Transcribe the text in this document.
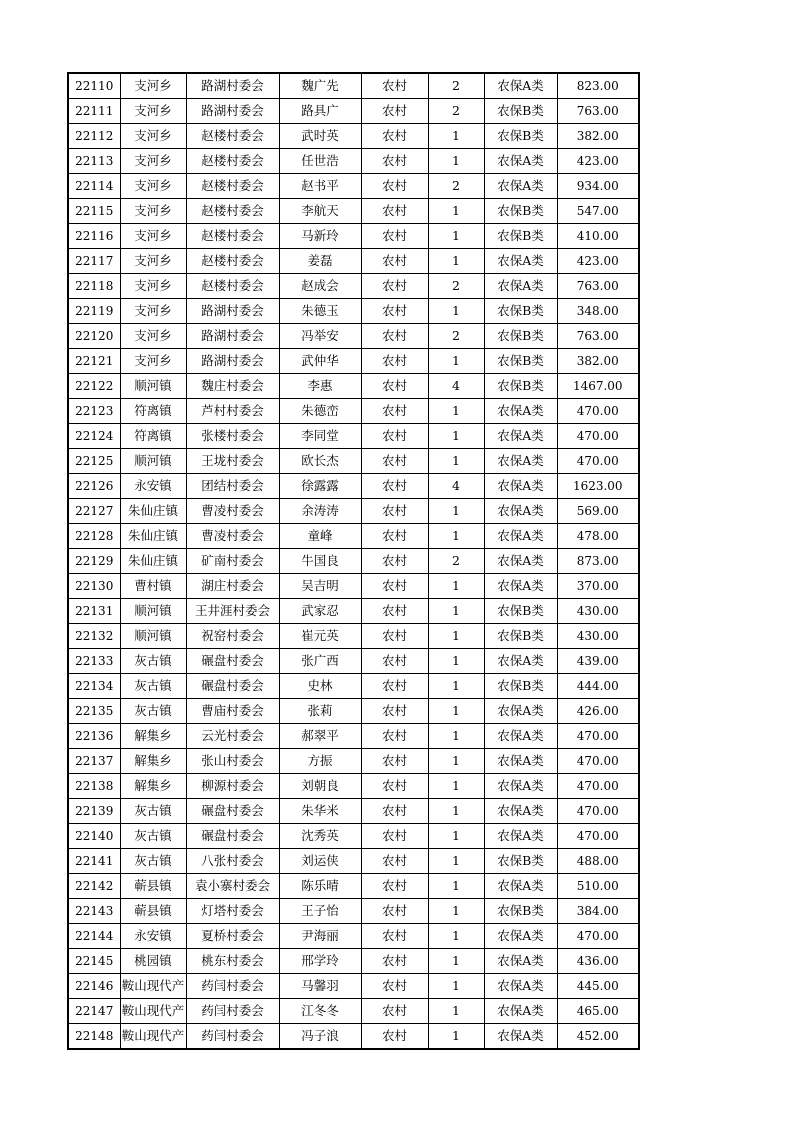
22110	支河乡	路湖村委会	魏广先	农村	2	农保A类	823.00
22111	支河乡	路湖村委会	路具广	农村	2	农保B类	763.00
22112	支河乡	赵楼村委会	武时英	农村	1	农保B类	382.00
22113	支河乡	赵楼村委会	任世浩	农村	1	农保A类	423.00
22114	支河乡	赵楼村委会	赵书平	农村	2	农保A类	934.00
22115	支河乡	赵楼村委会	李航天	农村	1	农保B类	547.00
22116	支河乡	赵楼村委会	马新玲	农村	1	农保B类	410.00
22117	支河乡	赵楼村委会	姜磊	农村	1	农保A类	423.00
22118	支河乡	赵楼村委会	赵成会	农村	2	农保A类	763.00
22119	支河乡	路湖村委会	朱德玉	农村	1	农保B类	348.00
22120	支河乡	路湖村委会	冯举安	农村	2	农保B类	763.00
22121	支河乡	路湖村委会	武仲华	农村	1	农保B类	382.00
22122	顺河镇	魏庄村委会	李惠	农村	4	农保B类	1467.00
22123	符离镇	芦村村委会	朱德峦	农村	1	农保A类	470.00
22124	符离镇	张楼村委会	李同堂	农村	1	农保A类	470.00
22125	顺河镇	王垅村委会	欧长杰	农村	1	农保A类	470.00
22126	永安镇	团结村委会	徐露露	农村	4	农保A类	1623.00
22127	朱仙庄镇	曹凌村委会	余涛涛	农村	1	农保A类	569.00
22128	朱仙庄镇	曹凌村委会	童峰	农村	1	农保A类	478.00
22129	朱仙庄镇	矿南村委会	牛国良	农村	2	农保A类	873.00
22130	曹村镇	湖庄村委会	吴吉明	农村	1	农保A类	370.00
22131	顺河镇	王井涯村委会	武家忍	农村	1	农保B类	430.00
22132	顺河镇	祝窑村委会	崔元英	农村	1	农保B类	430.00
22133	灰古镇	碾盘村委会	张广西	农村	1	农保A类	439.00
22134	灰古镇	碾盘村委会	史林	农村	1	农保B类	444.00
22135	灰古镇	曹庙村委会	张莉	农村	1	农保A类	426.00
22136	解集乡	云光村委会	郝翠平	农村	1	农保A类	470.00
22137	解集乡	张山村委会	方振	农村	1	农保A类	470.00
22138	解集乡	柳源村委会	刘朝良	农村	1	农保A类	470.00
22139	灰古镇	碾盘村委会	朱华米	农村	1	农保A类	470.00
22140	灰古镇	碾盘村委会	沈秀英	农村	1	农保A类	470.00
22141	灰古镇	八张村委会	刘运侠	农村	1	农保B类	488.00
22142	蕲县镇	袁小寨村委会	陈乐晴	农村	1	农保A类	510.00
22143	蕲县镇	灯塔村委会	王子怡	农村	1	农保B类	384.00
22144	永安镇	夏桥村委会	尹海丽	农村	1	农保A类	470.00
22145	桃园镇	桃东村委会	邢学玲	农村	1	农保A类	436.00
22146	鞍山现代产	药闫村委会	马馨羽	农村	1	农保A类	445.00
22147	鞍山现代产	药闫村委会	江冬冬	农村	1	农保A类	465.00
22148	鞍山现代产	药闫村委会	冯子浪	农村	1	农保A类	452.00
